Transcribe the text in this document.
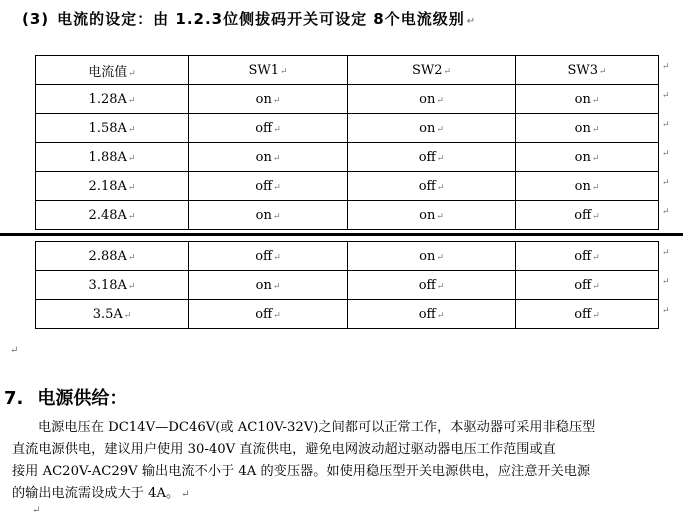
(3) 电流的设定：由 1.2.3位侧拔码开关可设定 8个电流级别 ↵
电流值↵	SW1↵	SW2↵	SW3↵
1.28A↵	on↵	on↵	on↵
1.58A↵	off↵	on↵	on↵
1.88A↵	on↵	off↵	on↵
2.18A↵	off↵	off↵	on↵
2.48A↵	on↵	on↵	off↵
2.88A↵	off↵	on↵	off↵
3.18A↵	on↵	off↵	off↵
3.5A↵	off↵	off↵	off↵
↵
↵
↵
↵
↵
↵
↵
↵
↵
↵
7. 电源供给：
电源电压在 DC14V—DC46V(或 AC10V-32V)之间都可以正常工作，本驱动器可采用非稳压型
直流电源供电，建议用户使用 30-40V 直流供电，避免电网波动超过驱动器电压工作范围或直
接用 AC20V-AC29V 输出电流不小于 4A 的变压器。如使用稳压型开关电源供电，应注意开关电源
的输出电流需设成大于 4A。 ↵
↵
